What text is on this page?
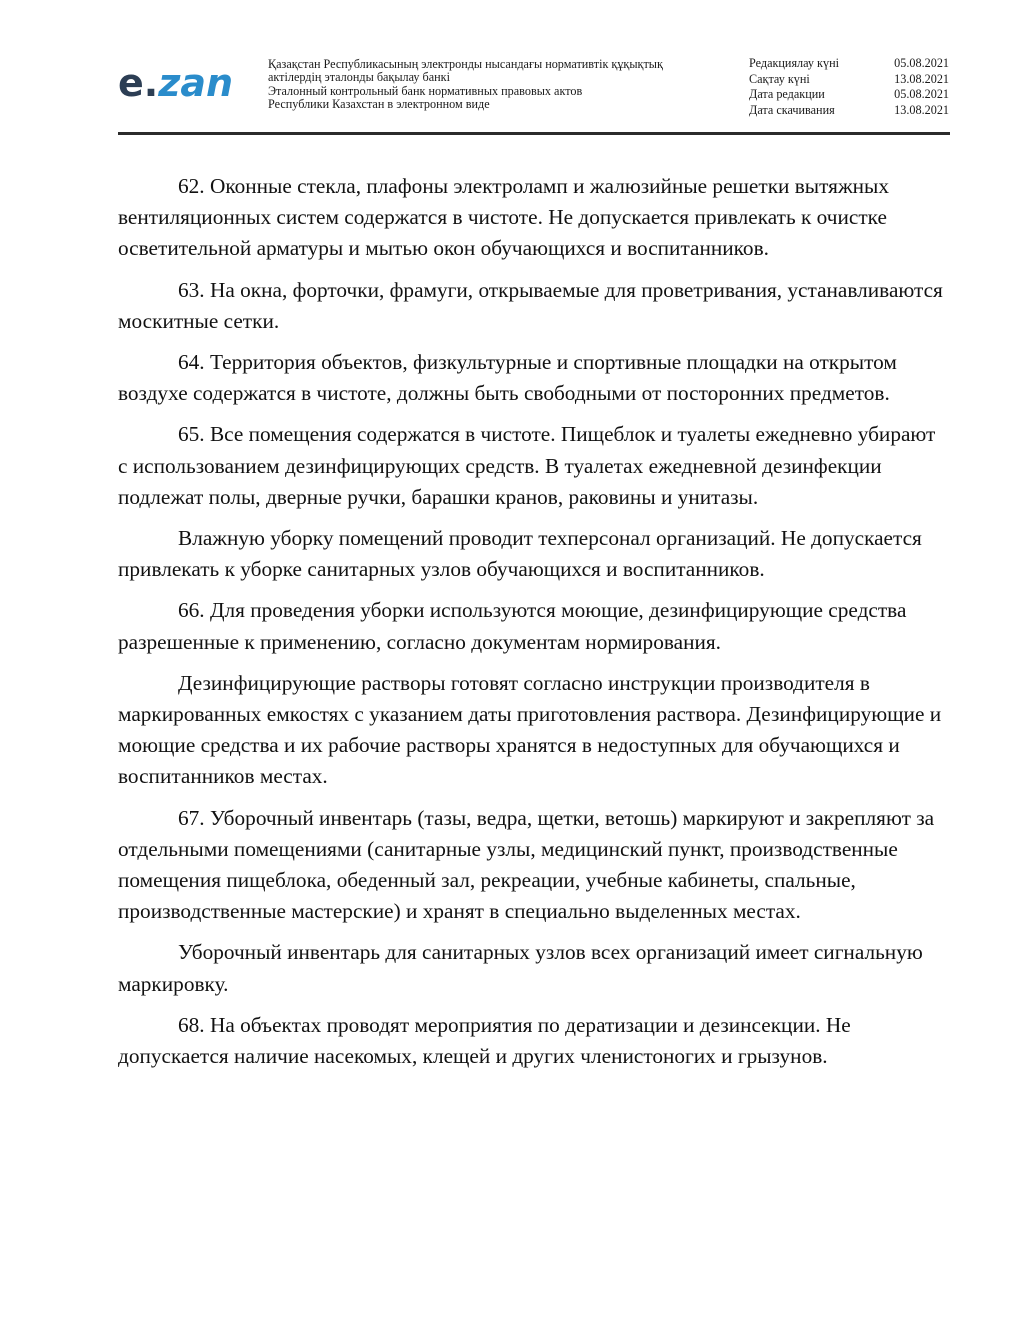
e.zan	Қазақстан Республикасының электронды нысандағы нормативтік құқықтық
актілердің эталонды бақылау банкі
Эталонный контрольный банк нормативных правовых актов
Республики Казахстан в электронном виде
Редакциялау күні	05.08.2021
Сақтау күні	13.08.2021
Дата редакции	05.08.2021
Дата скачивания	13.08.2021

62. Оконные стекла, плафоны электроламп и жалюзийные решетки вытяжных вентиляционных систем содержатся в чистоте. Не допускается привлекать к очистке осветительной арматуры и мытью окон обучающихся и воспитанников.

63. На окна, форточки, фрамуги, открываемые для проветривания, устанавливаются москитные сетки.

64. Территория объектов, физкультурные и спортивные площадки на открытом воздухе содержатся в чистоте, должны быть свободными от посторонних предметов.

65. Все помещения содержатся в чистоте. Пищеблок и туалеты ежедневно убирают с использованием дезинфицирующих средств. В туалетах ежедневной дезинфекции подлежат полы, дверные ручки, барашки кранов, раковины и унитазы.

Влажную уборку помещений проводит техперсонал организаций. Не допускается привлекать к уборке санитарных узлов обучающихся и воспитанников.

66. Для проведения уборки используются моющие, дезинфицирующие средства разрешенные к применению, согласно документам нормирования.

Дезинфицирующие растворы готовят согласно инструкции производителя в маркированных емкостях с указанием даты приготовления раствора. Дезинфицирующие и моющие средства и их рабочие растворы хранятся в недоступных для обучающихся и воспитанников местах.

67. Уборочный инвентарь (тазы, ведра, щетки, ветошь) маркируют и закрепляют за отдельными помещениями (санитарные узлы, медицинский пункт, производственные помещения пищеблока, обеденный зал, рекреации, учебные кабинеты, спальные, производственные мастерские) и хранят в специально выделенных местах.

Уборочный инвентарь для санитарных узлов всех организаций имеет сигнальную маркировку.

68. На объектах проводят мероприятия по дератизации и дезинсекции. Не допускается наличие насекомых, клещей и других членистоногих и грызунов.
